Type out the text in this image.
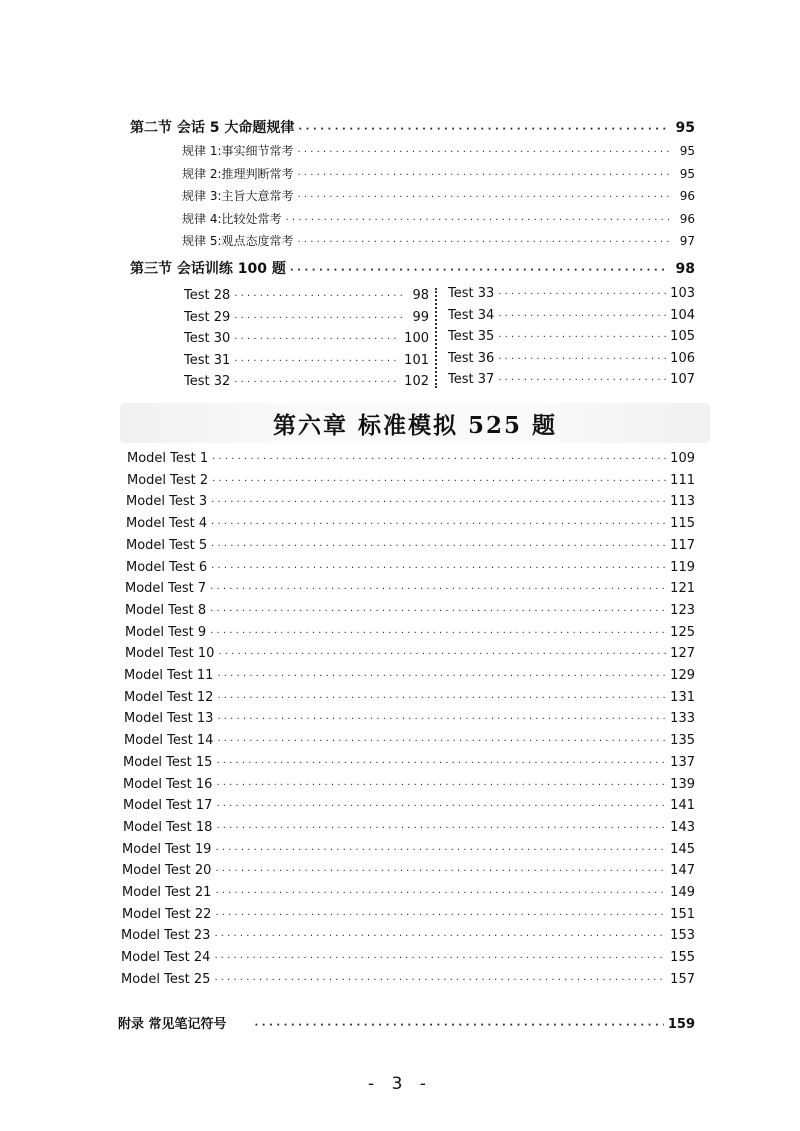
第二节 会话 5 大命题规律 · · ·	95
规律 1:事实细节常考 · · ·	95
规律 2:推理判断常考 · · ·	95
规律 3:主旨大意常考 · · ·	96
规律 4:比较处常考 · · ·	96
规律 5:观点态度常考 · · ·	97
第三节 会话训练 100 题 · · ·	98
Test 28 · · ·	98
Test 29 · · ·	99
Test 30 · · ·	100
Test 31 · · ·	101
Test 32 · · ·	102
Test 33 · · ·	103
Test 34 · · ·	104
Test 35 · · ·	105
Test 36 · · ·	106
Test 37 · · ·	107
第六章 标准模拟 525 题
Model Test 1 · · ·	109
Model Test 2 · · ·	111
Model Test 3 · · ·	113
Model Test 4 · · ·	115
Model Test 5 · · ·	117
Model Test 6 · · ·	119
Model Test 7 · · ·	121
Model Test 8 · · ·	123
Model Test 9 · · ·	125
Model Test 10 · · ·	127
Model Test 11 · · ·	129
Model Test 12 · · ·	131
Model Test 13 · · ·	133
Model Test 14 · · ·	135
Model Test 15 · · ·	137
Model Test 16 · · ·	139
Model Test 17 · · ·	141
Model Test 18 · · ·	143
Model Test 19 · · ·	145
Model Test 20 · · ·	147
Model Test 21 · · ·	149
Model Test 22 · · ·	151
Model Test 23 · · ·	153
Model Test 24 · · ·	155
Model Test 25 · · ·	157
附录 常见笔记符号 · · ·	159
- 3 -
